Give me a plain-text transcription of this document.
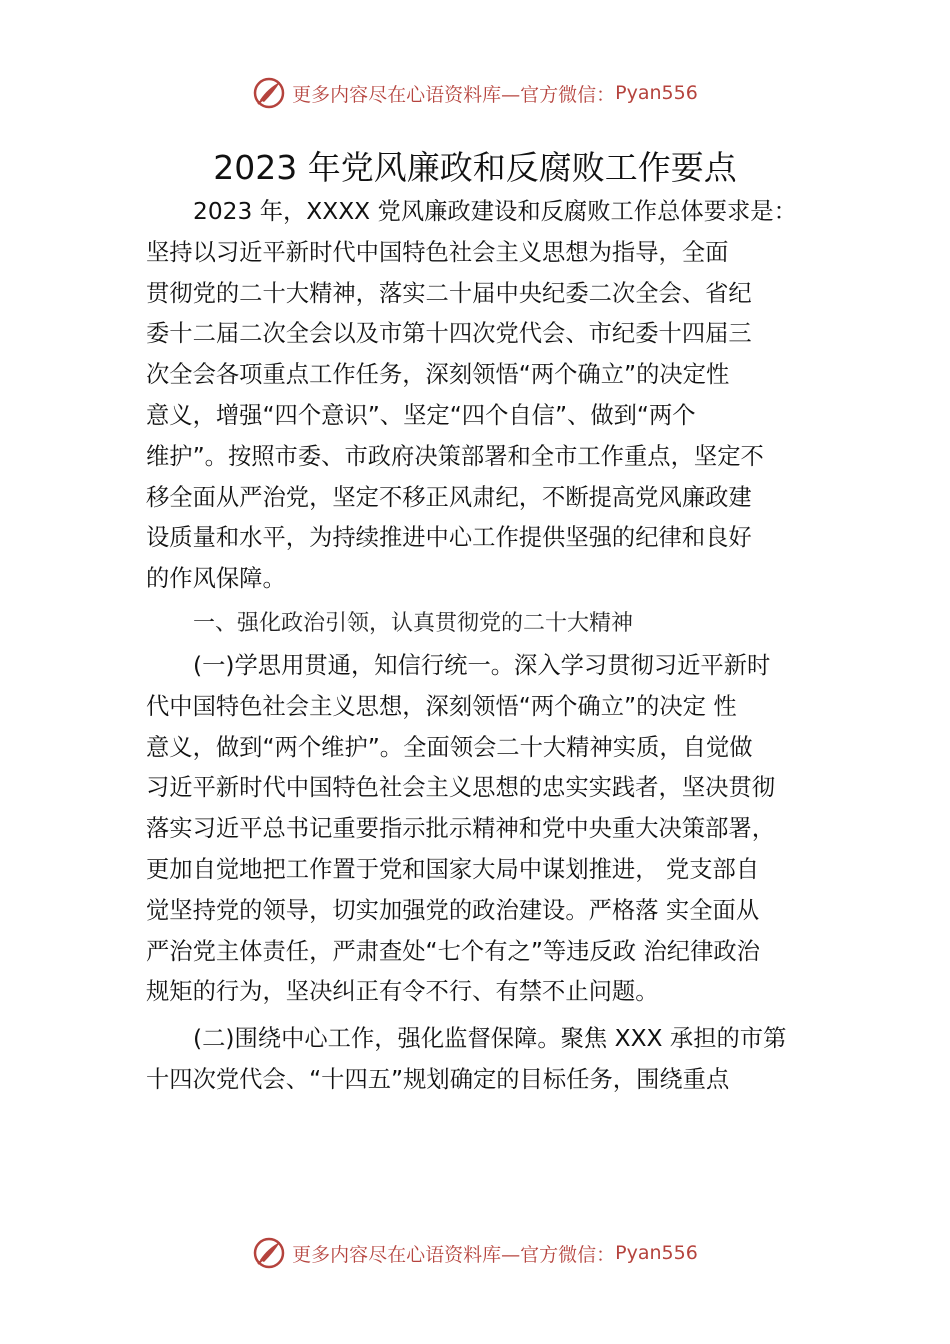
更多内容尽在心语资料库—官方微信： Pyan556
2023 年党风廉政和反腐败工作要点

2023 年，XXXX 党风廉政建设和反腐败工作总体要求是：
坚持以习近平新时代中国特色社会主义思想为指导，全面
贯彻党的二十大精神，落实二十届中央纪委二次全会、省纪
委十二届二次全会以及市第十四次党代会、市纪委十四届三
次全会各项重点工作任务，深刻领悟“两个确立”的决定性
意义，增强“四个意识”、坚定“四个自信”、做到“两个
维护”。按照市委、市政府决策部署和全市工作重点，坚定不
移全面从严治党，坚定不移正风肃纪，不断提高党风廉政建
设质量和水平，为持续推进中心工作提供坚强的纪律和良好
的作风保障。

一、强化政治引领，认真贯彻党的二十大精神

(一)学思用贯通，知信行统一。深入学习贯彻习近平新时
代中国特色社会主义思想，深刻领悟“两个确立”的决定 性
意义，做到“两个维护”。全面领会二十大精神实质，自觉做
习近平新时代中国特色社会主义思想的忠实实践者，坚决贯彻
落实习近平总书记重要指示批示精神和党中央重大决策部署，
更加自觉地把工作置于党和国家大局中谋划推进， 党支部自
觉坚持党的领导，切实加强党的政治建设。严格落 实全面从
严治党主体责任，严肃查处“七个有之”等违反政 治纪律政治
规矩的行为，坚决纠正有令不行、有禁不止问题。

(二)围绕中心工作，强化监督保障。聚焦 XXX 承担的市第
十四次党代会、“十四五”规划确定的目标任务，围绕重点

更多内容尽在心语资料库—官方微信： Pyan556
